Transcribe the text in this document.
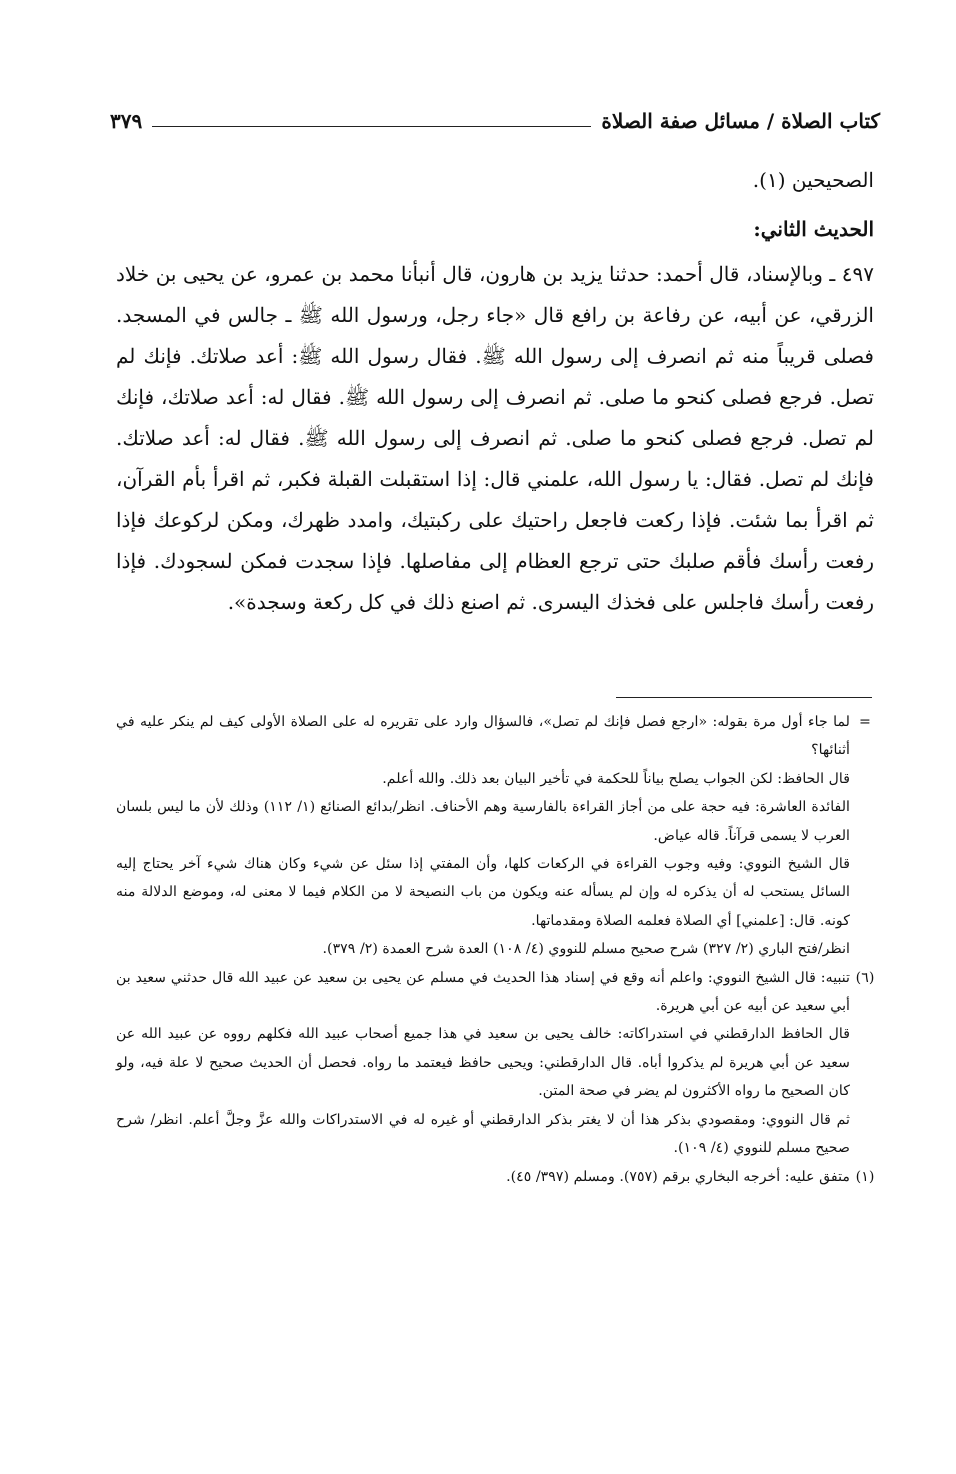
كتاب الصلاة / مسائل صفة الصلاة
٣٧٩

الصحيحين (١).

الحديث الثاني:

٤٩٧ ـ وبالإسناد، قال أحمد: حدثنا يزيد بن هارون، قال أنبأنا محمد بن عمرو، عن يحيى بن خلاد الزرقي، عن أبيه، عن رفاعة بن رافع قال «جاء رجل، ورسول الله ﷺ ـ جالس في المسجد. فصلى قريباً منه ثم انصرف إلى رسول الله ﷺ. فقال رسول الله ﷺ: أعد صلاتك. فإنك لم تصل. فرجع فصلى كنحو ما صلى. ثم انصرف إلى رسول الله ﷺ. فقال له: أعد صلاتك، فإنك لم تصل. فرجع فصلى كنحو ما صلى. ثم انصرف إلى رسول الله ﷺ. فقال له: أعد صلاتك. فإنك لم تصل. فقال: يا رسول الله، علمني قال: إذا استقبلت القبلة فكبر، ثم اقرأ بأم القرآن، ثم اقرأ بما شئت. فإذا ركعت فاجعل راحتيك على ركبتيك، وامدد ظهرك، ومكن لركوعك فإذا رفعت رأسك فأقم صلبك حتى ترجع العظام إلى مفاصلها. فإذا سجدت فمكن لسجودك. فإذا رفعت رأسك فاجلس على فخذك اليسرى. ثم اصنع ذلك في كل ركعة وسجدة».

=
لما جاء أول مرة بقوله: «ارجع فصل فإنك لم تصل»، فالسؤال وارد على تقريره له على الصلاة الأولى كيف لم ينكر عليه في أثنائها؟

قال الحافظ: لكن الجواب يصلح بياناً للحكمة في تأخير البيان بعد ذلك. والله أعلم.

الفائدة العاشرة: فيه حجة على من أجاز القراءة بالفارسية وهم الأحناف. انظر/بدائع الصنائع (١/ ١١٢) وذلك لأن ما ليس بلسان العرب لا يسمى قرآناً. قاله عياض.

قال الشيخ النووي: وفيه وجوب القراءة في الركعات كلها، وأن المفتي إذا سئل عن شيء وكان هناك شيء آخر يحتاج إليه السائل يستحب له أن يذكره له وإن لم يسأله عنه ويكون من باب النصيحة لا من الكلام فيما لا معنى له، وموضع الدلالة منه كونه. قال: [علمني] أي الصلاة فعلمه الصلاة ومقدماتها.

انظر/فتح الباري (٢/ ٣٢٧) شرح صحيح مسلم للنووي (٤/ ١٠٨) العدة شرح العمدة (٢/ ٣٧٩).

(٦)
تنبيه: قال الشيخ النووي: واعلم أنه وقع في إسناد هذا الحديث في مسلم عن يحيى بن سعيد عن عبيد الله قال حدثني سعيد بن أبي سعيد عن أبيه عن أبي هريرة.

قال الحافظ الدارقطني في استدراكاته: خالف يحيى بن سعيد في هذا جميع أصحاب عبيد الله فكلهم رووه عن عبيد الله عن سعيد عن أبي هريرة لم يذكروا أباه. قال الدارقطني: ويحيى حافظ فيعتمد ما رواه. فحصل أن الحديث صحيح لا علة فيه، ولو كان الصحيح ما رواه الأكثرون لم يضر في صحة المتن.

ثم قال النووي: ومقصودي بذكر هذا أن لا يغتر بذكر الدارقطني أو غيره له في الاستدراكات والله عزَّ وجلَّ أعلم. انظر/ شرح صحيح مسلم للنووي (٤/ ١٠٩).

(١)
متفق عليه: أخرجه البخاري برقم (٧٥٧). ومسلم (٣٩٧/ ٤٥).
